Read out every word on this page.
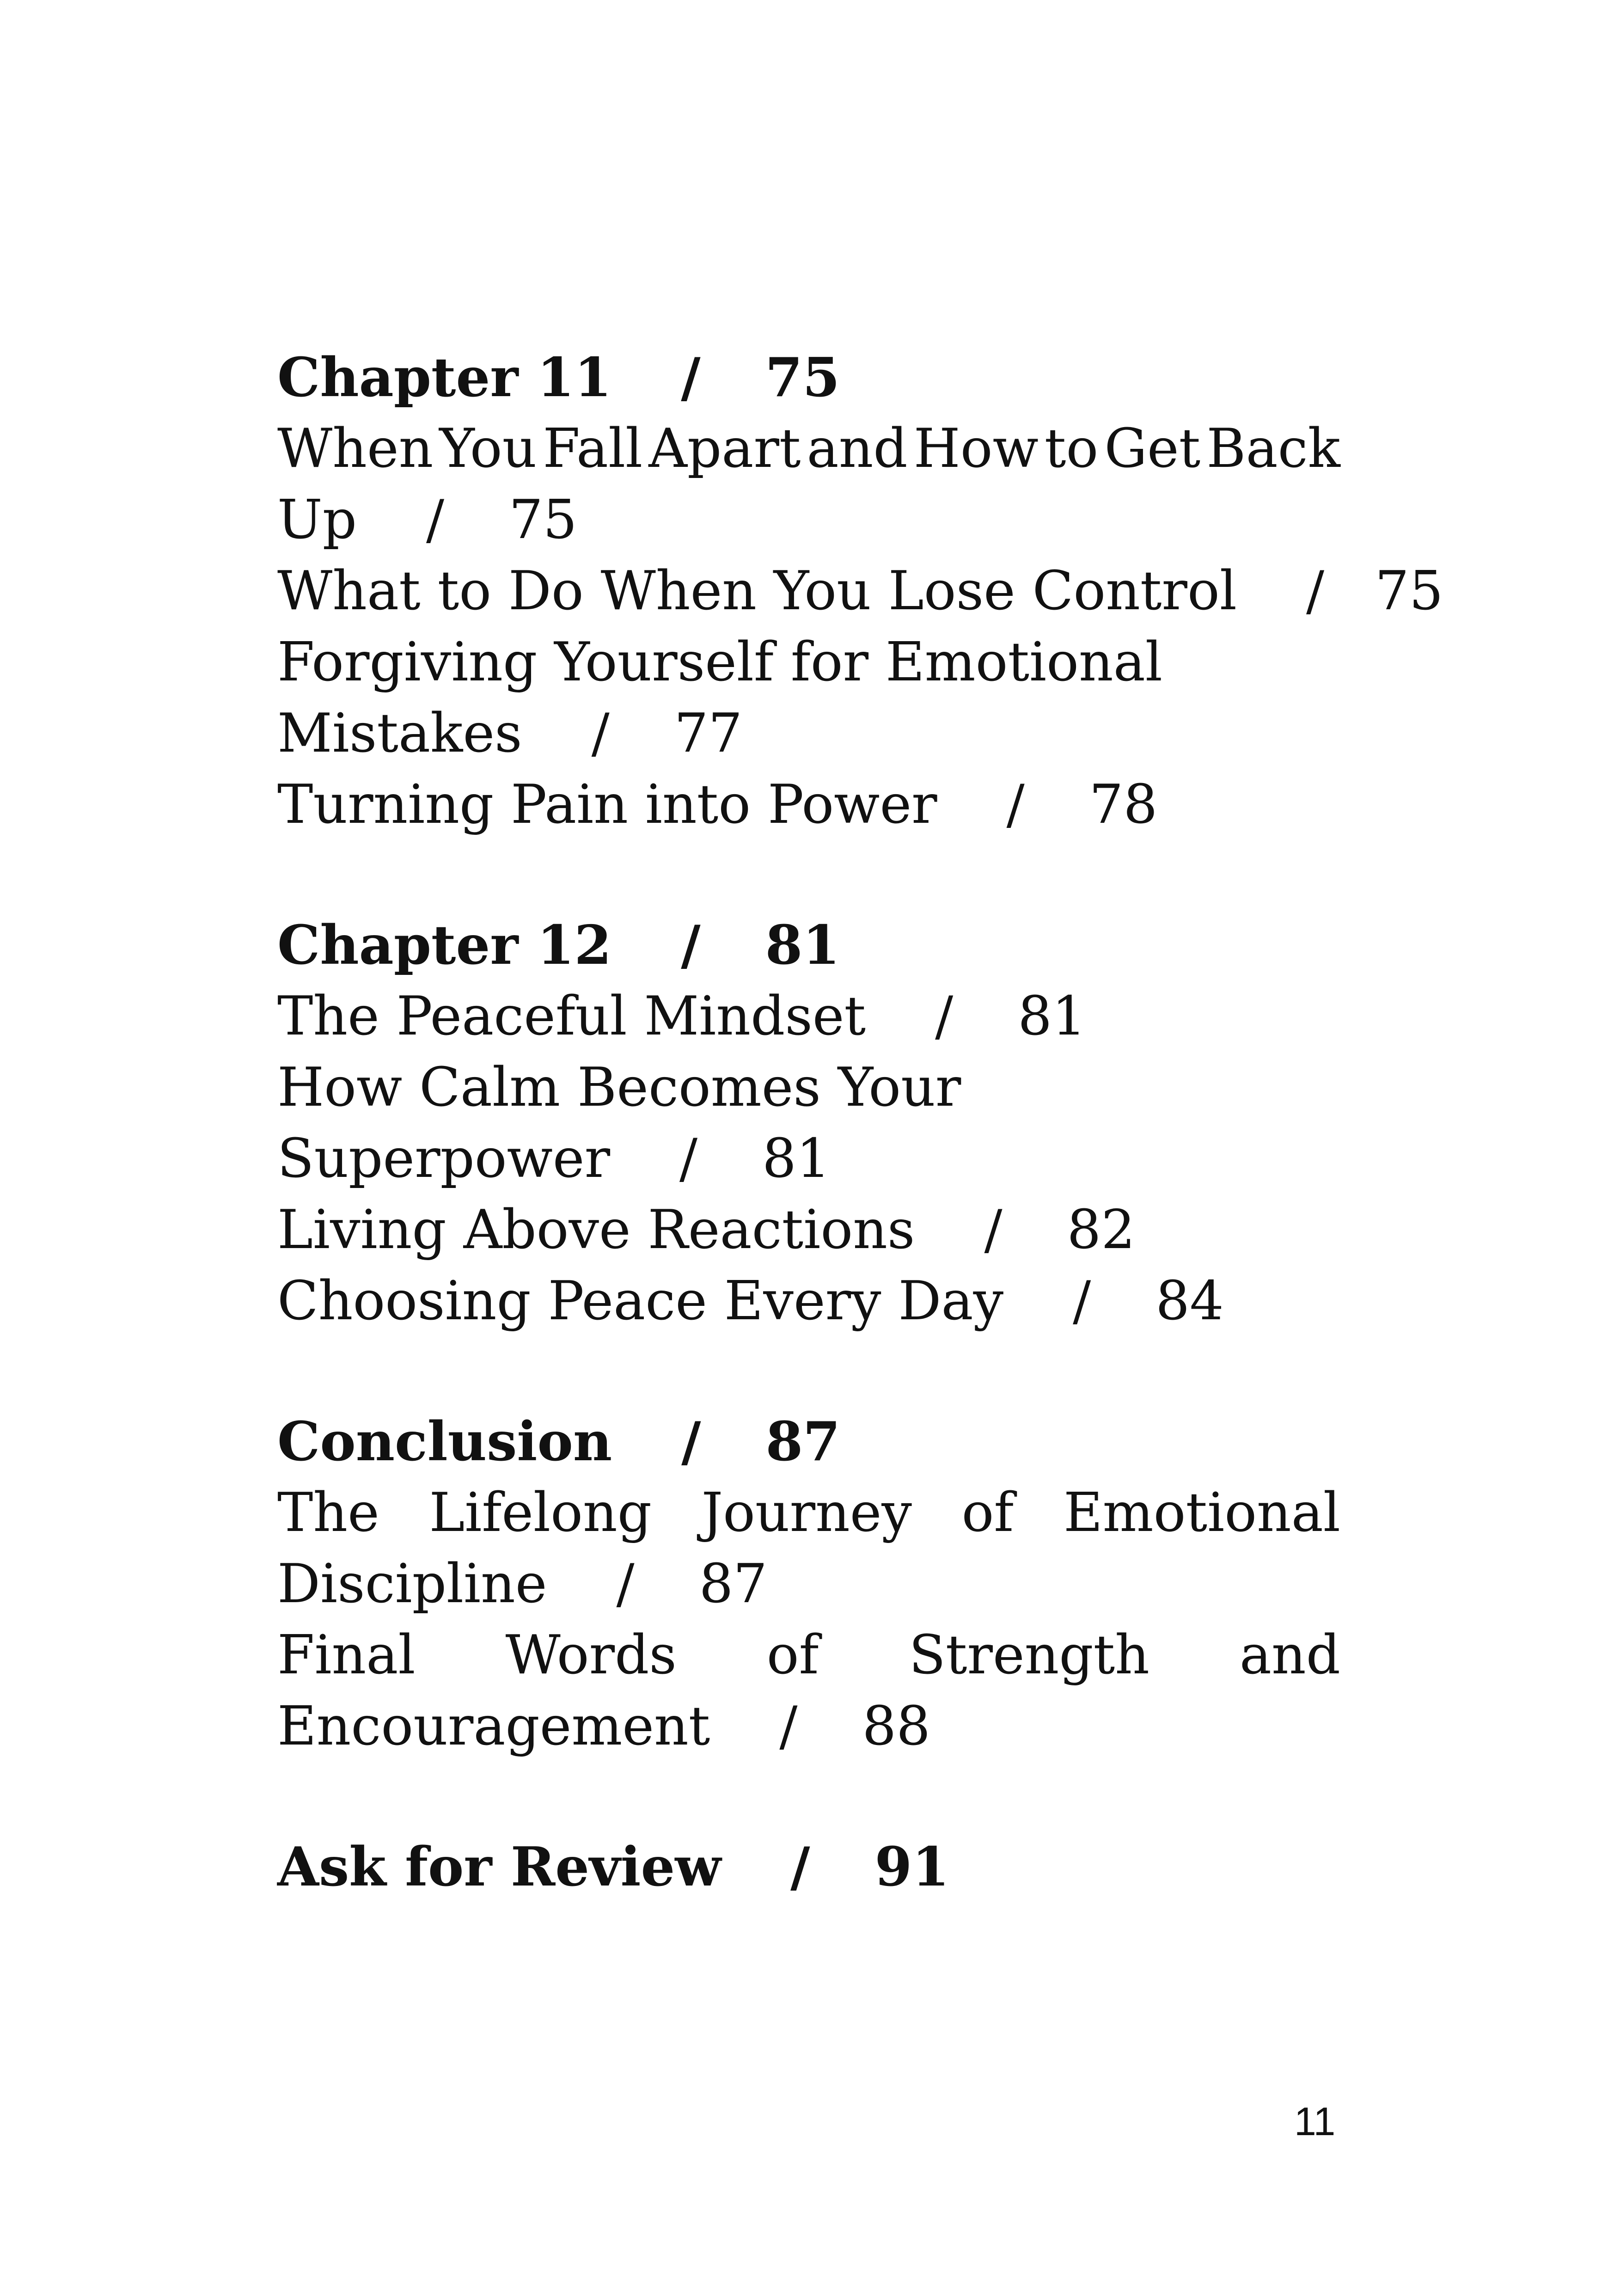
Chapter 11 / 75
When You Fall Apart and How to Get Back
Up / 75
What to Do When You Lose Control / 75
Forgiving Yourself for Emotional
Mistakes / 77
Turning Pain into Power / 78
Chapter 12 / 81
The Peaceful Mindset / 81
How Calm Becomes Your
Superpower / 81
Living Above Reactions / 82
Choosing Peace Every Day / 84
Conclusion / 87
The Lifelong Journey of Emotional
Discipline / 87
Final Words of Strength and
Encouragement / 88
Ask for Review / 91
11
